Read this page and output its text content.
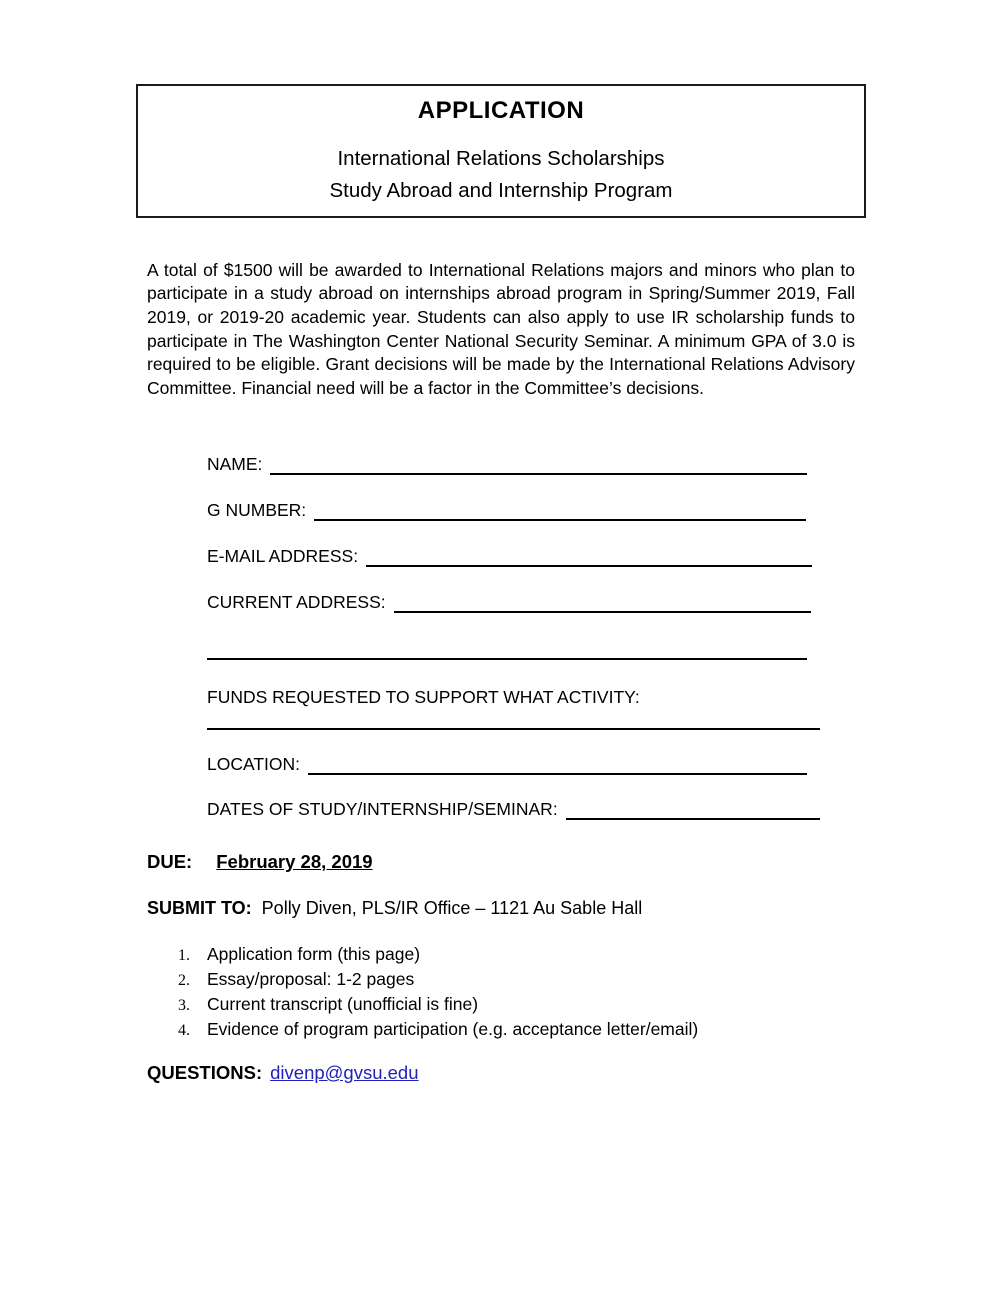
APPLICATION
International Relations Scholarships
Study Abroad and Internship Program

A total of $1500 will be awarded to International Relations majors and minors who plan to participate in a study abroad on internships abroad program in Spring/Summer 2019, Fall 2019, or 2019-20 academic year. Students can also apply to use IR scholarship funds to participate in The Washington Center National Security Seminar. A minimum GPA of 3.0 is required to be eligible. Grant decisions will be made by the International Relations Advisory Committee. Financial need will be a factor in the Committee’s decisions.

NAME:
G NUMBER:
E-MAIL ADDRESS:
CURRENT ADDRESS:
FUNDS REQUESTED TO SUPPORT WHAT ACTIVITY:
LOCATION:
DATES OF STUDY/INTERNSHIP/SEMINAR:
DUE: February 28, 2019
SUBMIT TO: Polly Diven, PLS/IR Office – 1121 Au Sable Hall
1. Application form (this page)
2. Essay/proposal: 1-2 pages
3. Current transcript (unofficial is fine)
4. Evidence of program participation (e.g. acceptance letter/email)
QUESTIONS: divenp@gvsu.edu
